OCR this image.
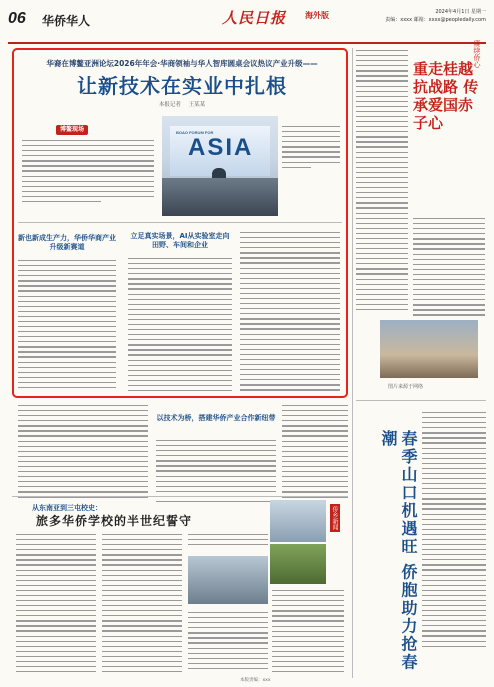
06 华侨华人	人民日报 海外版	2024年4月1日 星期一
责编：xxxx 邮箱：xxxx@peopledaily.com
华裔在博鳌亚洲论坛2026年年会·华商领袖与华人智库圆桌会议热议产业升级——
让新技术在实业中扎根
本报记者 王某某
博鳌现场	BOAO FORUM FOR
ASIA
新也新成生产力，华侨华商产业升级新赛道
立足真实场景，AI从实验室走向田野、车间和企业
以技术为桥，搭建华侨产业合作新纽带
赓续侨心
重走桂越抗战路 传承爱国赤子心
图片来源于网络
春季山口机遇旺 侨胞助力抢春潮
从东南亚到三屯校史：
旅多华侨学校的半世纪誓守	侨乡新闻
本版责编：xxx
